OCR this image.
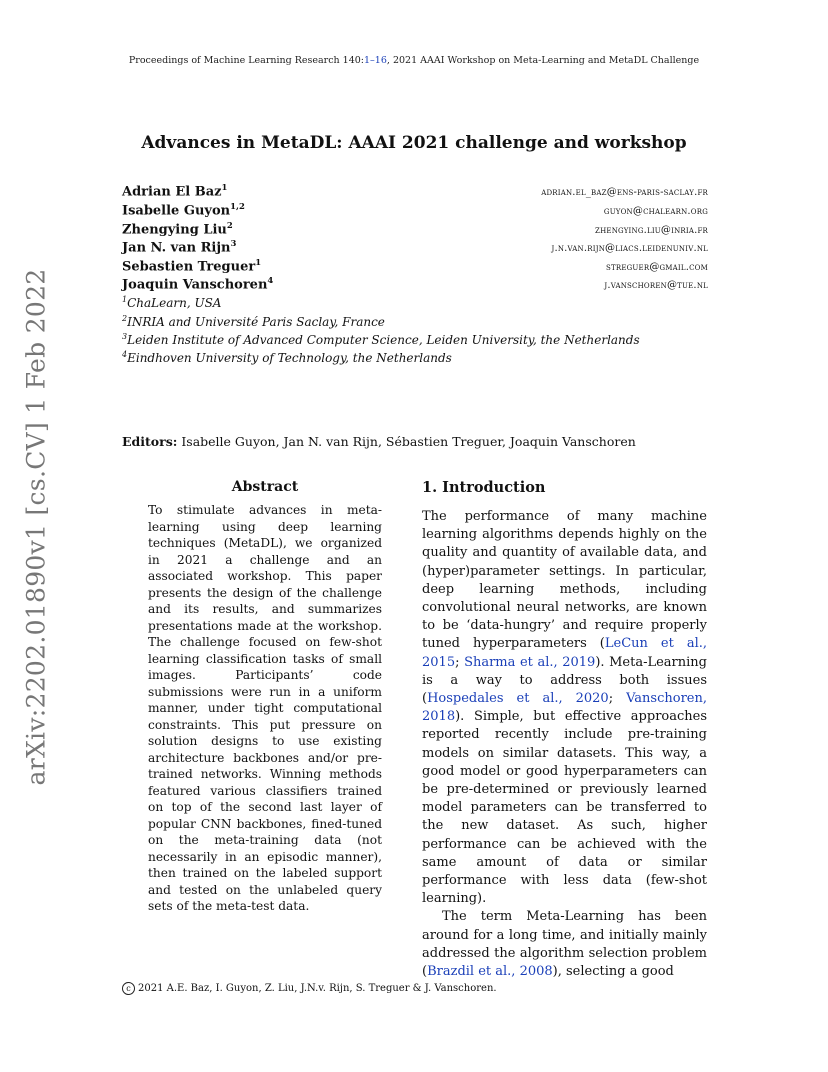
Proceedings of Machine Learning Research 140:1–16, 2021 AAAI Workshop on Meta-Learning and MetaDL Challenge
arXiv:2202.01890v1 [cs.CV] 1 Feb 2022
Advances in MetaDL: AAAI 2021 challenge and workshop
Adrian El Baz$^1$	adrian.el_baz@ens-paris-saclay.fr
Isabelle Guyon$^{1,2}$	guyon@chalearn.org
Zhengying Liu$^2$	zhengying.liu@inria.fr
Jan N. van Rijn$^3$	j.n.van.rijn@liacs.leidenuniv.nl
Sebastien Treguer$^1$	streguer@gmail.com
Joaquin Vanschoren$^4$	j.vanschoren@tue.nl
$^1$ChaLearn, USA
$^2$INRIA and Université Paris Saclay, France
$^3$Leiden Institute of Advanced Computer Science, Leiden University, the Netherlands
$^4$Eindhoven University of Technology, the Netherlands
Editors: Isabelle Guyon, Jan N. van Rijn, Sébastien Treguer, Joaquin Vanschoren
Abstract
To stimulate advances in meta-learning using deep learning techniques (MetaDL), we organized in 2021 a challenge and an associated workshop. This paper presents the design of the challenge and its results, and summarizes presentations made at the workshop. The challenge focused on few-shot learning classification tasks of small images. Participants’ code submissions were run in a uniform manner, under tight computational constraints. This put pressure on solution designs to use existing architecture backbones and/or pre-trained networks. Winning methods featured various classifiers trained on top of the second last layer of popular CNN backbones, fined-tuned on the meta-training data (not necessarily in an episodic manner), then trained on the labeled support and tested on the unlabeled query sets of the meta-test data.
1. Introduction

The performance of many machine learning algorithms depends highly on the quality and quantity of available data, and (hyper)parameter settings. In particular, deep learning methods, including convolutional neural networks, are known to be ‘data-hungry’ and require properly tuned hyperparameters (LeCun et al., 2015; Sharma et al., 2019). Meta-Learning is a way to address both issues (Hospedales et al., 2020; Vanschoren, 2018). Simple, but effective approaches reported recently include pre-training models on similar datasets. This way, a good model or good hyperparameters can be pre-determined or previously learned model parameters can be transferred to the new dataset. As such, higher performance can be achieved with the same amount of data or similar performance with less data (few-shot learning).

The term Meta-Learning has been around for a long time, and initially mainly addressed the algorithm selection problem (Brazdil et al., 2008), selecting a good

c 2021 A.E. Baz, I. Guyon, Z. Liu, J.N.v. Rijn, S. Treguer & J. Vanschoren.
